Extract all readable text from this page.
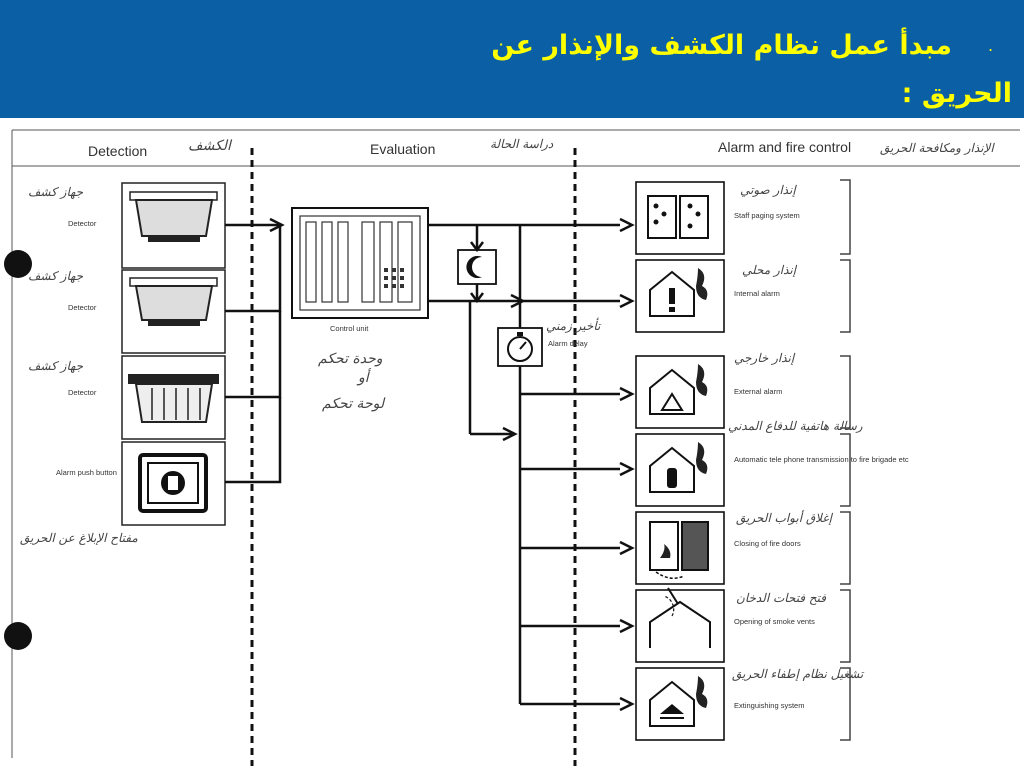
.
مبدأ عمل نظام الكشف والإنذار عن
الحريق :
Detection	الكشف	Evaluation	دراسة الحالة	Alarm and fire control الإنذار ومكافحة الحريق
Detector
جهاز كشف
Detector
جهاز كشف
Detector
جهاز كشف
Alarm push button
مفتاح الإبلاغ عن الحريق
Control unit
وحدة تحكم
أو
لوحة تحكم
Alarm delay
تأخير زمني
Staff paging system
إنذار صوتي
Internal alarm
إنذار محلي
External alarm
إنذار خارجي
Automatic tele phone transmission to fire brigade etc
رسالة هاتفية للدفاع المدني
Closing of fire doors
إغلاق أبواب الحريق
Opening of smoke vents
فتح فتحات الدخان
Extinguishing system
تشغيل نظام إطفاء الحريق
